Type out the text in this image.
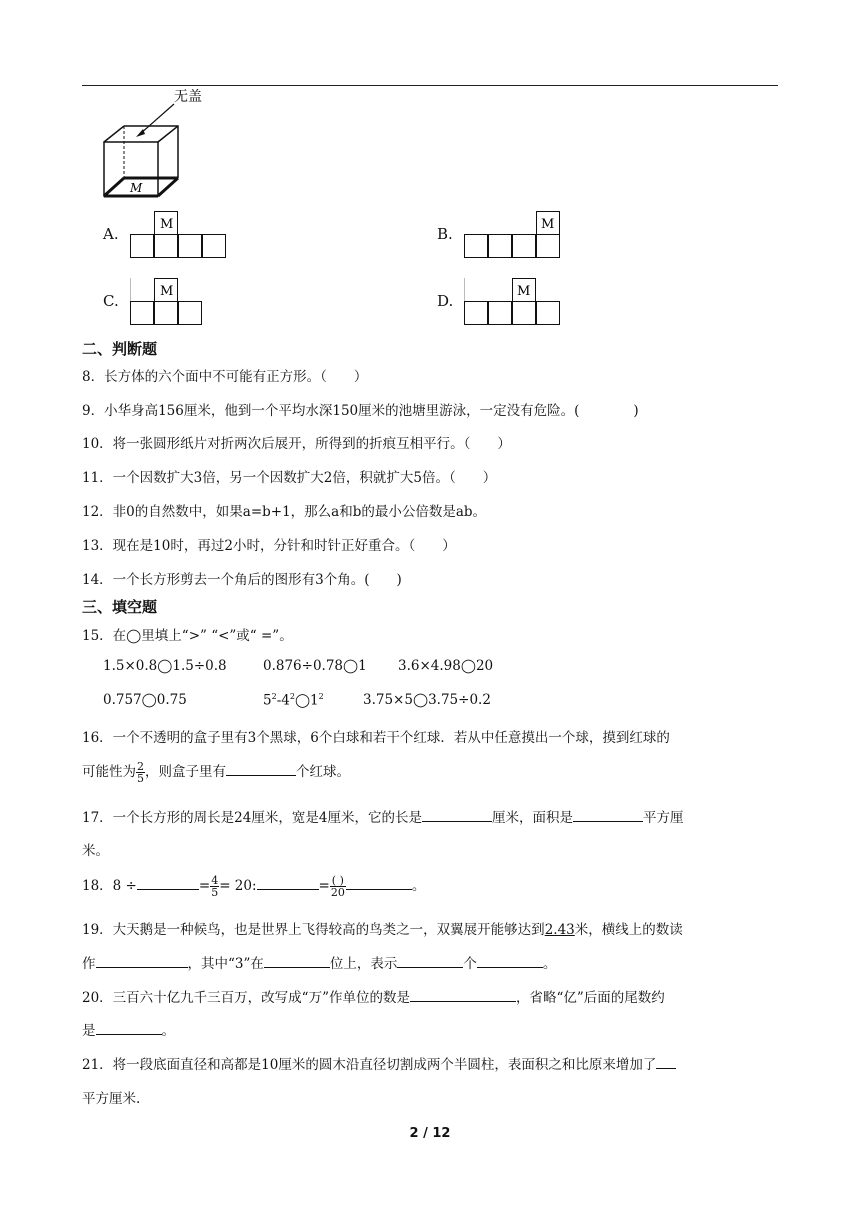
无盖
M
A.
M
B.
M
C.
M
D.
M
二、判断题
8．长方体的六个面中不可能有正方形。（　　）
9．小华身高156厘米，他到一个平均水深150厘米的池塘里游泳，一定没有危险。(　　　　)
10．将一张圆形纸片对折两次后展开，所得到的折痕互相平行。（　　）
11．一个因数扩大3倍，另一个因数扩大2倍，积就扩大5倍。（　　）
12．非0的自然数中，如果a=b+1，那么a和b的最小公倍数是ab。
13．现在是10时，再过2小时，分针和时针正好重合。（　　）
14．一个长方形剪去一个角后的图形有3个角。(　　)
三、填空题
15．在◯里填上“>” “<”或“ =”。
1.5×0.8◯1.5÷0.8	0.876÷0.78◯1 3.6×4.98◯20
0.757◯0.75	$5^2-4^2◯1^2$	3.75×5◯3.75÷0.2
16．一个不透明的盒子里有3个黑球，6个白球和若干个红球．若从中任意摸出一个球，摸到红球的
可能性为 $\frac{2}{5}$ ，则盒子里有	个红球。
17．一个长方形的周长是24厘米，宽是4厘米，它的长是	厘米，面积是	平方厘
米。
18．8 ÷	= $\frac{4}{5} = 20$:	= $\frac{( )}{20}$	。
19．大天鹅是一种候鸟，也是世界上飞得较高的鸟类之一，双翼展开能够达到2.43米，横线上的数读
作	，其中“3”在	位上，表示	个	。
20．三百六十亿九千三百万，改写成“万”作单位的数是	，省略“亿”后面的尾数约
是	。
21．将一段底面直径和高都是10厘米的圆木沿直径切割成两个半圆柱，表面积之和比原来增加了
平方厘米.
2 / 12
